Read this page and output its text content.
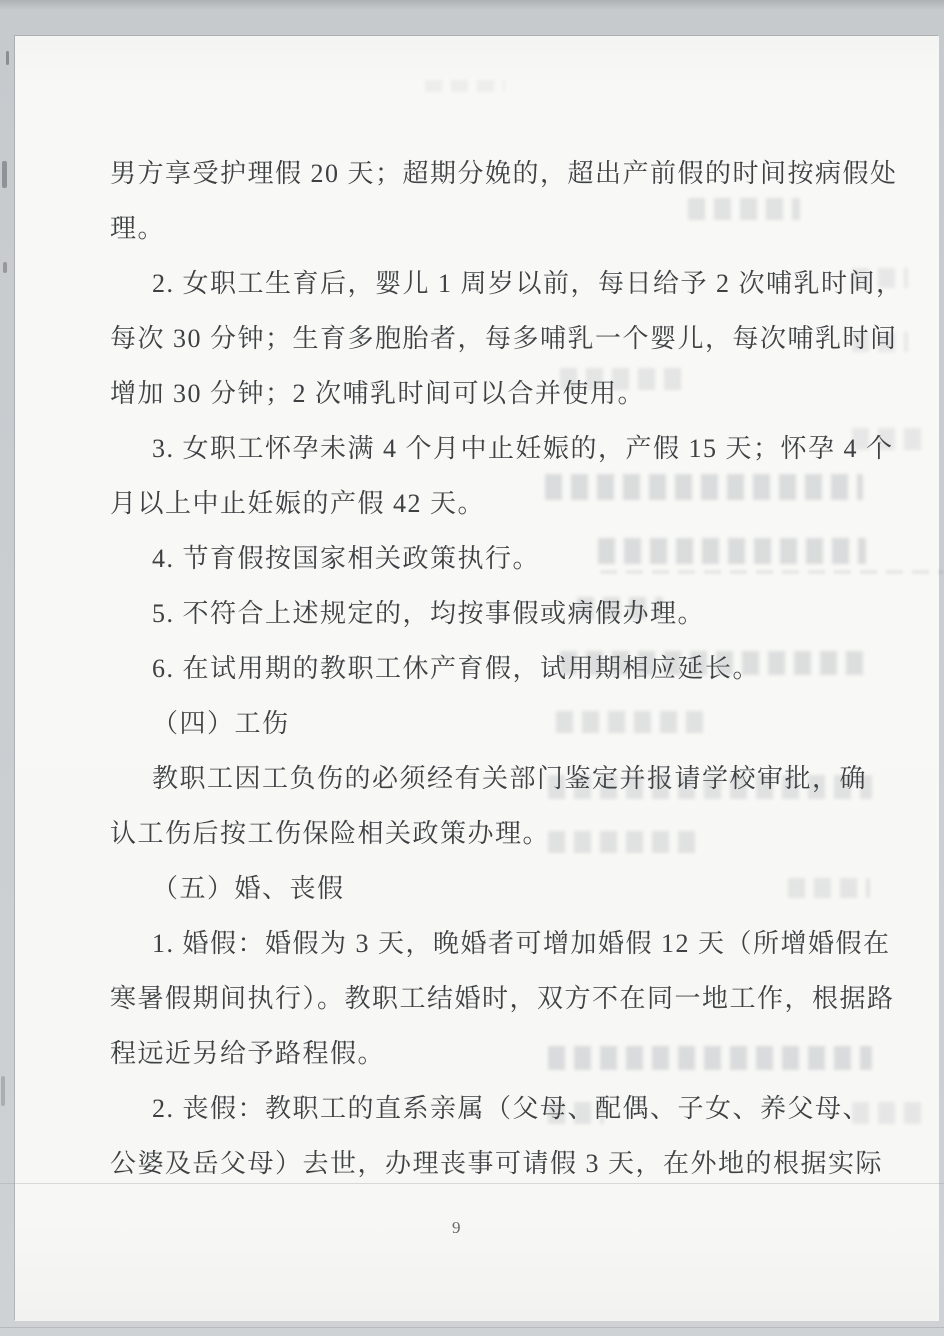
男方享受护理假 20 天；超期分娩的，超出产前假的时间按病假处

理。

2. 女职工生育后，婴儿 1 周岁以前，每日给予 2 次哺乳时间，

每次 30 分钟；生育多胞胎者，每多哺乳一个婴儿，每次哺乳时间

增加 30 分钟；2 次哺乳时间可以合并使用。

3. 女职工怀孕未满 4 个月中止妊娠的，产假 15 天；怀孕 4 个

月以上中止妊娠的产假 42 天。

4. 节育假按国家相关政策执行。

5. 不符合上述规定的，均按事假或病假办理。

6. 在试用期的教职工休产育假，试用期相应延长。

（四）工伤

教职工因工负伤的必须经有关部门鉴定并报请学校审批，确

认工伤后按工伤保险相关政策办理。

（五）婚、丧假

1. 婚假：婚假为 3 天，晚婚者可增加婚假 12 天（所增婚假在

寒暑假期间执行）。教职工结婚时，双方不在同一地工作，根据路

程远近另给予路程假。

2. 丧假：教职工的直系亲属（父母、配偶、子女、养父母、

公婆及岳父母）去世，办理丧事可请假 3 天，在外地的根据实际

9
